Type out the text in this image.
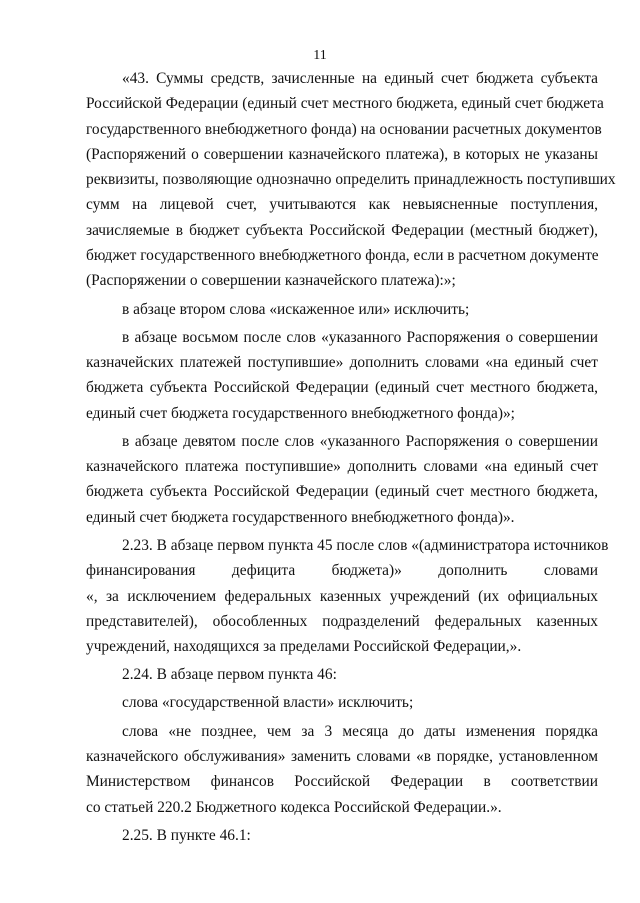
11
«43. Суммы средств, зачисленные на единый счет бюджета субъекта
Российской Федерации (единый счет местного бюджета, единый счет бюджета
государственного внебюджетного фонда) на основании расчетных документов
(Распоряжений о совершении казначейского платежа), в которых не указаны
реквизиты, позволяющие однозначно определить принадлежность поступивших
сумм на лицевой счет, учитываются как невыясненные поступления,
зачисляемые в бюджет субъекта Российской Федерации (местный бюджет),
бюджет государственного внебюджетного фонда, если в расчетном документе
(Распоряжении о совершении казначейского платежа):»;
в абзаце втором слова «искаженное или» исключить;
в абзаце восьмом после слов «указанного Распоряжения о совершении
казначейских платежей поступившие» дополнить словами «на единый счет
бюджета субъекта Российской Федерации (единый счет местного бюджета,
единый счет бюджета государственного внебюджетного фонда)»;
в абзаце девятом после слов «указанного Распоряжения о совершении
казначейского платежа поступившие» дополнить словами «на единый счет
бюджета субъекта Российской Федерации (единый счет местного бюджета,
единый счет бюджета государственного внебюджетного фонда)».
2.23. В абзаце первом пункта 45 после слов «(администратора источников
финансирования дефицита бюджета)» дополнить словами
«, за исключением федеральных казенных учреждений (их официальных
представителей), обособленных подразделений федеральных казенных
учреждений, находящихся за пределами Российской Федерации,».
2.24. В абзаце первом пункта 46:
слова «государственной власти» исключить;
слова «не позднее, чем за 3 месяца до даты изменения порядка
казначейского обслуживания» заменить словами «в порядке, установленном
Министерством финансов Российской Федерации в соответствии
со статьей 220.2 Бюджетного кодекса Российской Федерации.».
2.25. В пункте 46.1:
